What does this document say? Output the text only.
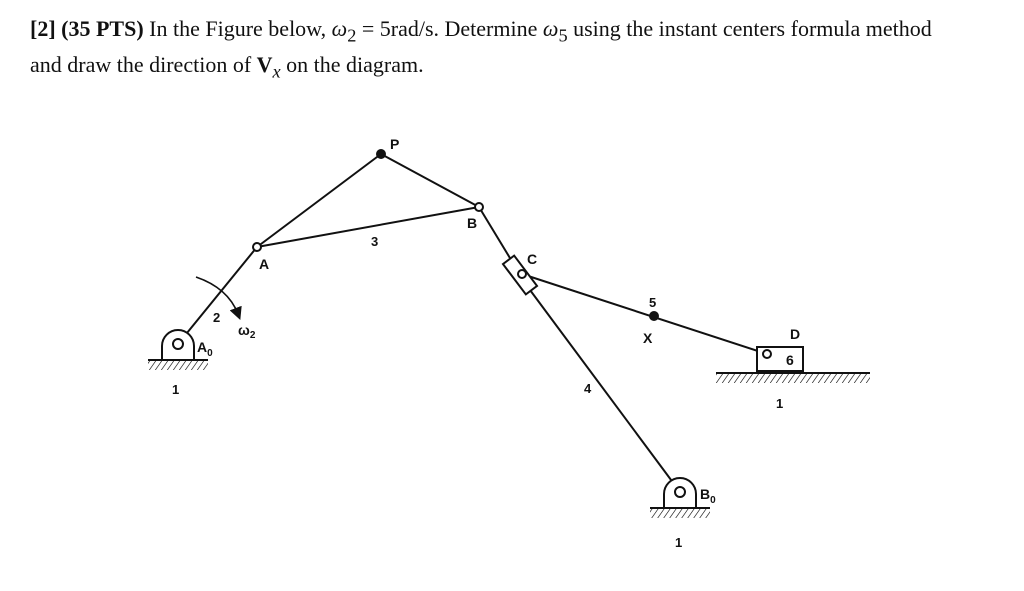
[2] (35 PTS) In the Figure below, $\omega_2 = 5rad/s$. Determine $\omega_5$ using the instant centers formula method
and draw the direction of $V_x$ on the diagram.
P
A
B
C
D
X
$A_0$
$B_0$
$\omega_2$
1
1
1
2
3
4
5
6
